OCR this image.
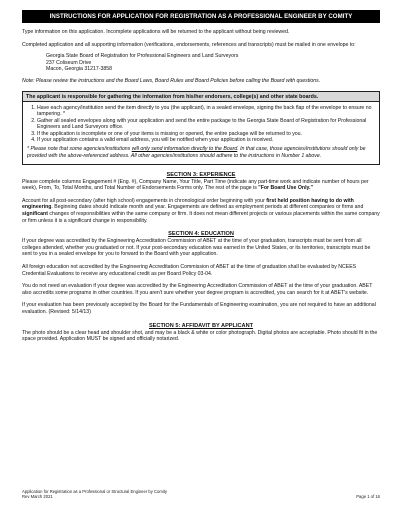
INSTRUCTIONS FOR APPLICATION FOR REGISTRATION AS A PROFESSIONAL ENGINEER BY COMITY

Type information on this application. Incomplete applications will be returned to the applicant without being reviewed.

Completed application and all supporting information (verifications, endorsements, references and transcripts) must be mailed in one envelope to:

Georgia State Board of Registration for Professional Engineers and Land Surveyors
237 Coliseum Drive
Macon, Georgia 31217-3858

Note: Please review the instructions and the Board Laws, Board Rules and Board Policies before calling the Board with questions.

The applicant is responsible for gathering the information from his/her endorsers, college(s) and other state boards.
1. Have each agency/institution send the item directly to you (the applicant), in a sealed envelope, signing the back flap of the envelope to ensure no tampering. *
2. Gather all sealed envelopes along with your application and send the entire package to the Georgia State Board of Registration for Professional Engineers and Land Surveyors office.
3. If the application is incomplete or one of your items is missing or opened, the entire package will be returned to you.
4. If your application contains a valid email address, you will be notified when your application is received.

* Please note that some agencies/institutions will only send information directly to the Board. In that case, those agencies/institutions should only be provided with the above-referenced address. All other agencies/institutions should adhere to the instructions in Number 1 above.

SECTION 3: EXPERIENCE

Please complete columns Engagement # (Eng. #), Company Name, Your Title, Part Time (indicate any part-time work and indicate number of hours per week), From, To, Total Months, and Total Number of Endorsements Forms only. The rest of the page is "For Board Use Only."

Account for all post-secondary (after high school) engagements in chronological order beginning with your first held position having to do with engineering. Beginning dates should indicate month and year. Engagements are defined as employment periods at different companies or firms and significant changes of responsibilities within the same company or firm. It does not mean different projects or various placements within the same company or firm unless it is a significant change in responsibility.

SECTION 4: EDUCATION

If your degree was accredited by the Engineering Accreditation Commission of ABET at the time of your graduation, transcripts must be sent from all colleges attended, whether you graduated or not. If your post-secondary education was earned in the United States, or its territories, transcripts must be sent to you in a sealed envelope for you to forward to the Board with your application.

All foreign education not accredited by the Engineering Accreditation Commission of ABET at the time of graduation shall be evaluated by NCEES Credential Evaluations to receive any educational credit as per Board Policy 03-04.

You do not need an evaluation if your degree was accredited by the Engineering Accreditation Commission of ABET at the time of your graduation. ABET also accredits some programs in other countries. If you aren't sure whether your degree program is accredited, you can search for it at ABET's website.

If your evaluation has been previously accepted by the Board for the Fundamentals of Engineering examination, you are not required to have an additional evaluation. (Revised: 5/14/13)

SECTION 5: AFFIDAVIT BY APPLICANT

The photo should be a clear head and shoulder shot, and may be a black & white or color photograph. Digital photos are acceptable. Photo should fit in the space provided. Application MUST be signed and officially notarized.

Application for Registration as a Professional or Structural Engineer by Comity
Rev March 2021	Page 1 of 16
